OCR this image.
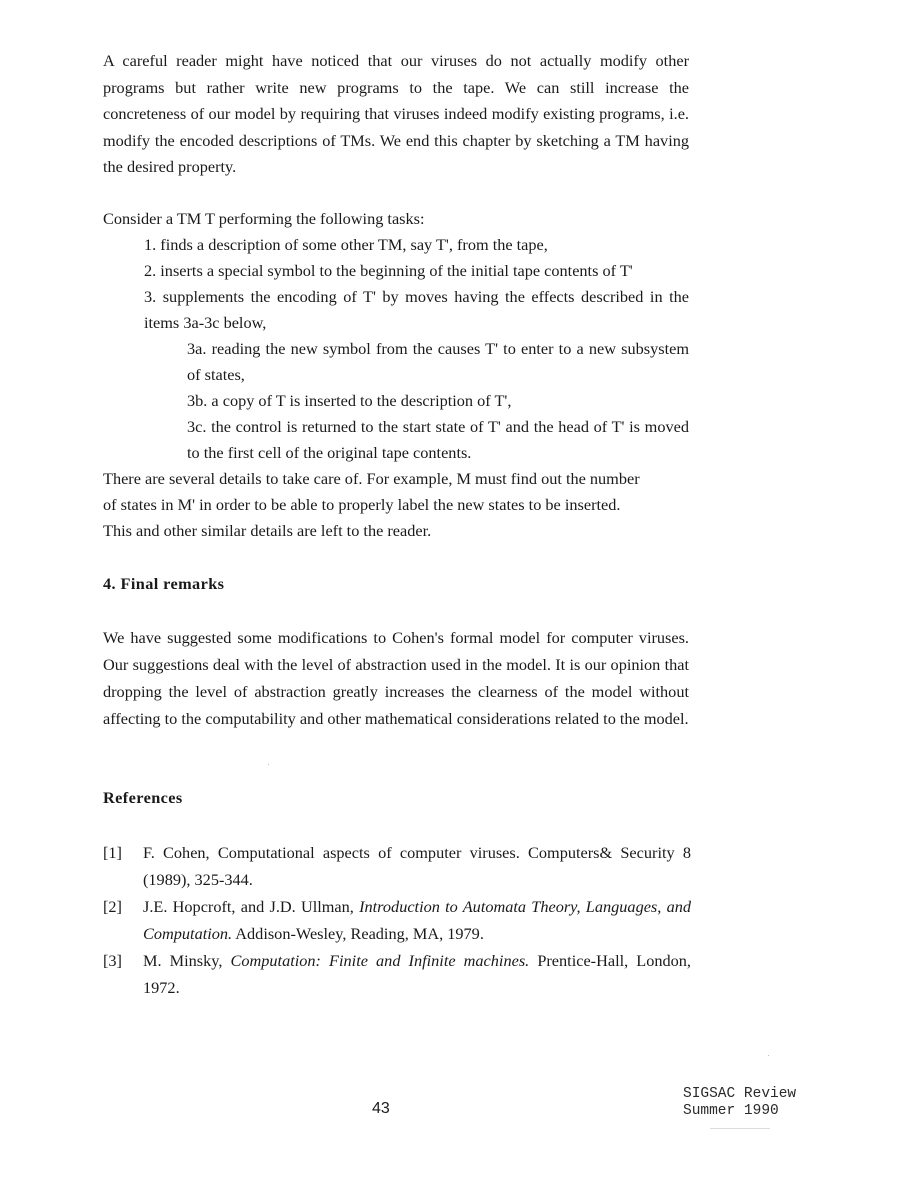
A careful reader might have noticed that our viruses do not actually modify other programs but rather write new programs to the tape. We can still increase the concreteness of our model by requiring that viruses indeed modify existing programs, i.e. modify the encoded descriptions of TMs. We end this chapter by sketching a TM having the desired property.

Consider a TM T performing the following tasks:
1. finds a description of some other TM, say T', from the tape,
2. inserts a special symbol to the beginning of the initial tape contents of T'
3. supplements the encoding of T' by moves having the effects described in the items 3a-3c below,
3a. reading the new symbol from the causes T' to enter to a new subsystem of states,
3b. a copy of T is inserted to the description of T',
3c. the control is returned to the start state of T' and the head of T' is moved to the first cell of the original tape contents.
There are several details to take care of. For example, M must find out the number
of states in M' in order to be able to properly label the new states to be inserted.
This and other similar details are left to the reader.
4. Final remarks

We have suggested some modifications to Cohen's formal model for computer viruses. Our suggestions deal with the level of abstraction used in the model. It is our opinion that dropping the level of abstraction greatly increases the clearness of the model without affecting to the computability and other mathematical considerations related to the model.

References
[1] F. Cohen, Computational aspects of computer viruses. Computers& Security 8 (1989), 325-344.
[2] J.E. Hopcroft, and J.D. Ullman, Introduction to Automata Theory, Languages, and Computation. Addison-Wesley, Reading, MA, 1979.
[3] M. Minsky, Computation: Finite and Infinite machines. Prentice-Hall, London, 1972.
43
SIGSAC Review
Summer 1990
